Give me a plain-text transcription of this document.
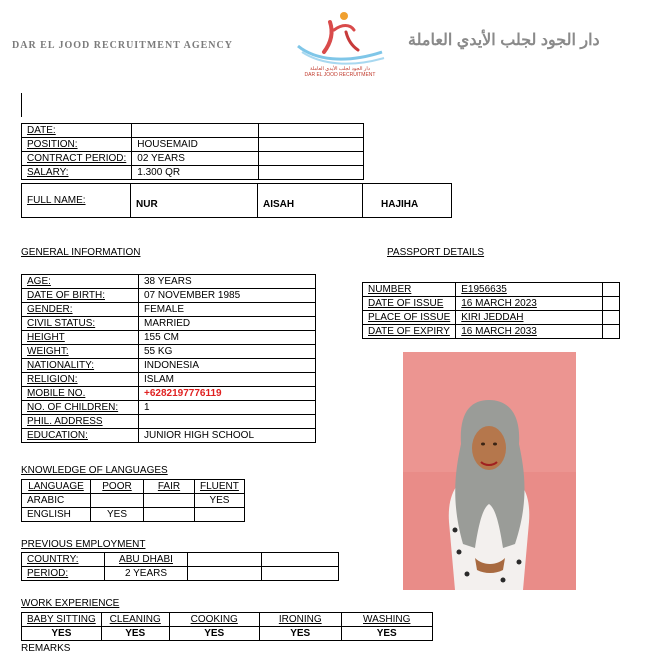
DAR EL JOOD RECRUITMENT AGENCY
دار الجود لجلب الأيدي العاملة
DAR EL JOOD RECRUITMENT
دار الجود لجلب الأيدي العاملة
DATE:		
POSITION:	HOUSEMAID	
CONTRACT PERIOD:	02 YEARS	
SALARY:	1.300 QR	
FULL NAME:	NUR	AISAH	HAJIHA
GENERAL INFORMATION	PASSPORT DETAILS
AGE:	38 YEARS
DATE OF BIRTH:	07 NOVEMBER 1985
GENDER:	FEMALE
CIVIL STATUS:	MARRIED
HEIGHT	155 CM
WEIGHT:	55 KG
NATIONALITY:	INDONESIA
RELIGION:	ISLAM
MOBILE NO.	+6282197776119
NO. OF CHILDREN:	1
PHIL. ADDRESS	
EDUCATION:	JUNIOR HIGH SCHOOL
NUMBER	E1956635	
DATE OF ISSUE	16 MARCH 2023	
PLACE OF ISSUE	KIRI JEDDAH	
DATE OF EXPIRY	16 MARCH 2033	
KNOWLEDGE OF LANGUAGES
LANGUAGE	POOR	FAIR	FLUENT
ARABIC			YES
ENGLISH	YES		
PREVIOUS EMPLOYMENT
COUNTRY:	ABU DHABI		
PERIOD:	2 YEARS		
WORK EXPERIENCE
BABY SITTING	CLEANING	COOKING	IRONING	WASHING
YES	YES	YES	YES	YES
REMARKS
